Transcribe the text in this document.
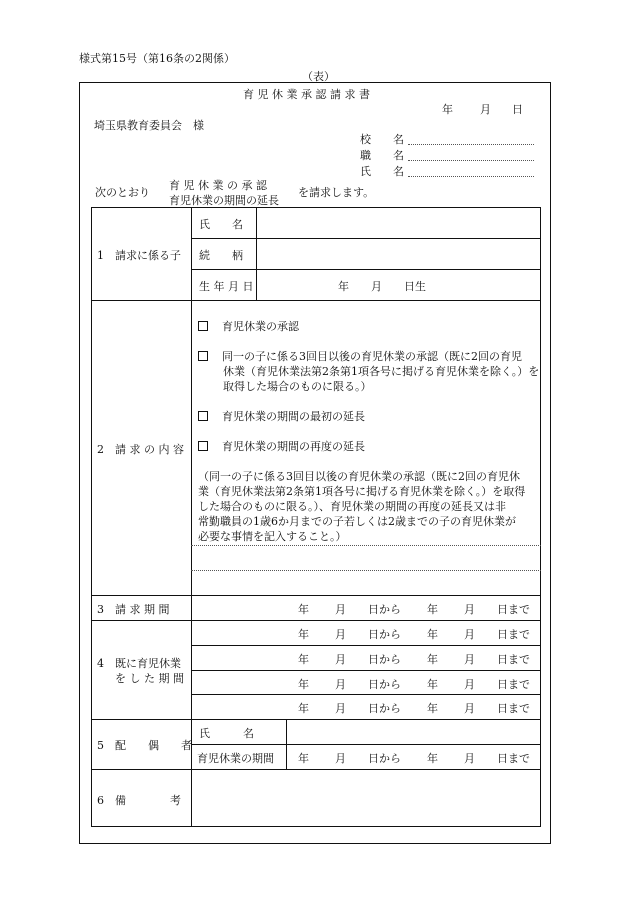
様式第15号（第16条の2関係）
（表）
育 児 休 業 承 認 請 求 書
年 月 日
埼玉県教育委員会　様
校　　名
職　　名
氏　　名
次のとおり
育 児 休 業 の 承 認
育児休業の期間の延長
を請求します。
1　請求に係る子
氏　　名
続　　柄
生 年 月 日	年　　月　　日生
2　請 求 の 内 容
育児休業の承認
同一の子に係る3回目以後の育児休業の承認（既に2回の育児
休業（育児休業法第2条第1項各号に掲げる育児休業を除く。）を
取得した場合のものに限る。）
育児休業の期間の最初の延長
育児休業の期間の再度の延長
（同一の子に係る3回目以後の育児休業の承認（既に2回の育児休
業（育児休業法第2条第1項各号に掲げる育児休業を除く。）を取得
した場合のものに限る。）、育児休業の期間の再度の延長又は非
常勤職員の1歳6か月までの子若しくは2歳までの子の育児休業が
必要な事情を記入すること。）
3　請 求 期 間	年 月 日から 年 月 日まで
4　既に育児休業
を し た 期 間
年 月 日から 年 月 日まで
年 月 日から 年 月 日まで
年 月 日から 年 月 日まで
年 月 日から 年 月 日まで
5　配　　偶　　者
氏　　　名
育児休業の期間 年 月 日から 年 月 日まで
6　備　　　　考
